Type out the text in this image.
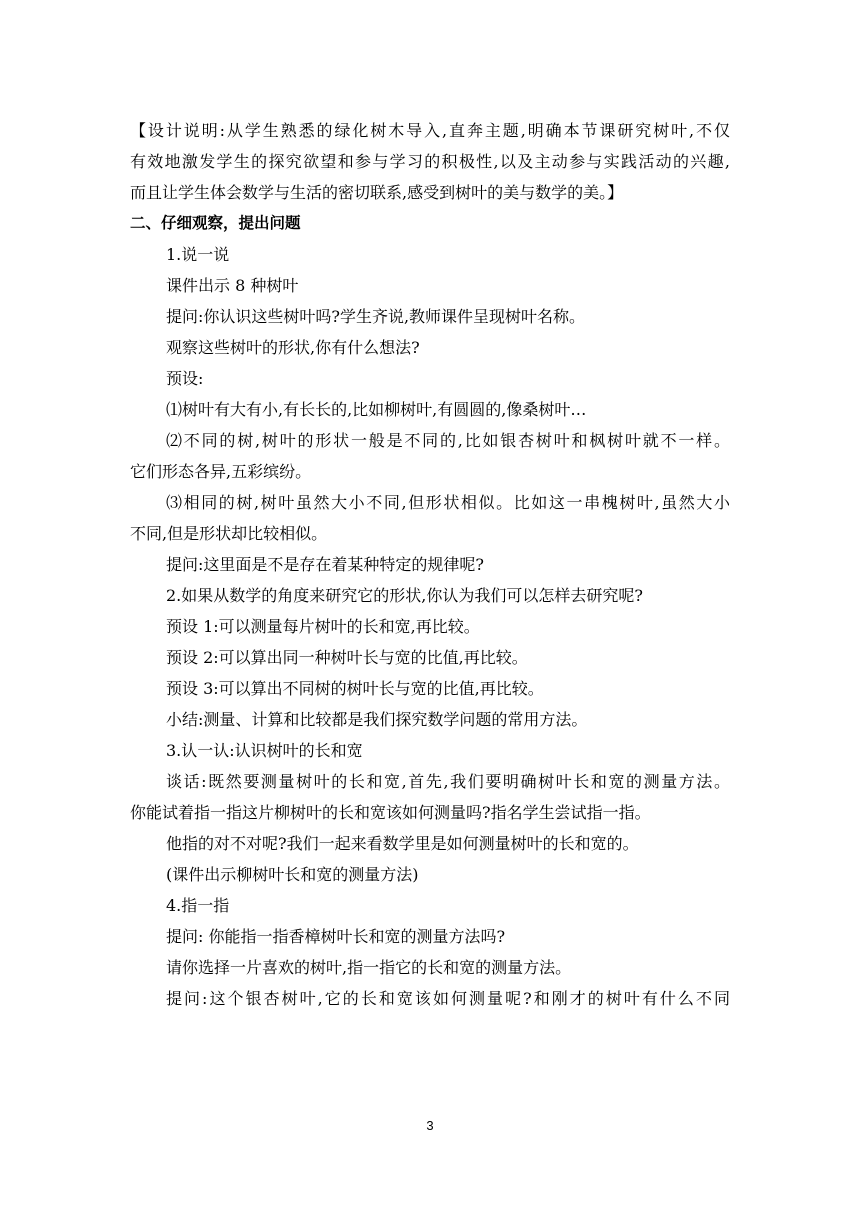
【设计说明:从学生熟悉的绿化树木导入,直奔主题,明确本节课研究树叶,不仅
有效地激发学生的探究欲望和参与学习的积极性,以及主动参与实践活动的兴趣,
而且让学生体会数学与生活的密切联系,感受到树叶的美与数学的美。】
二、仔细观察，提出问题
1.说一说
课件出示 8 种树叶
提问:你认识这些树叶吗?学生齐说,教师课件呈现树叶名称。
观察这些树叶的形状,你有什么想法?
预设:
⑴树叶有大有小,有长长的,比如柳树叶,有圆圆的,像桑树叶…
⑵不同的树,树叶的形状一般是不同的,比如银杏树叶和枫树叶就不一样。
它们形态各异,五彩缤纷。
⑶相同的树,树叶虽然大小不同,但形状相似。比如这一串槐树叶,虽然大小
不同,但是形状却比较相似。
提问:这里面是不是存在着某种特定的规律呢?
2.如果从数学的角度来研究它的形状,你认为我们可以怎样去研究呢?
预设 1:可以测量每片树叶的长和宽,再比较。
预设 2:可以算出同一种树叶长与宽的比值,再比较。
预设 3:可以算出不同树的树叶长与宽的比值,再比较。
小结:测量、计算和比较都是我们探究数学问题的常用方法。
3.认一认:认识树叶的长和宽
谈话:既然要测量树叶的长和宽,首先,我们要明确树叶长和宽的测量方法。
你能试着指一指这片柳树叶的长和宽该如何测量吗?指名学生尝试指一指。
他指的对不对呢?我们一起来看数学里是如何测量树叶的长和宽的。
(课件出示柳树叶长和宽的测量方法)
4.指一指
提问: 你能指一指香樟树叶长和宽的测量方法吗?
请你选择一片喜欢的树叶,指一指它的长和宽的测量方法。
提问:这个银杏树叶,它的长和宽该如何测量呢?和刚才的树叶有什么不同
3
